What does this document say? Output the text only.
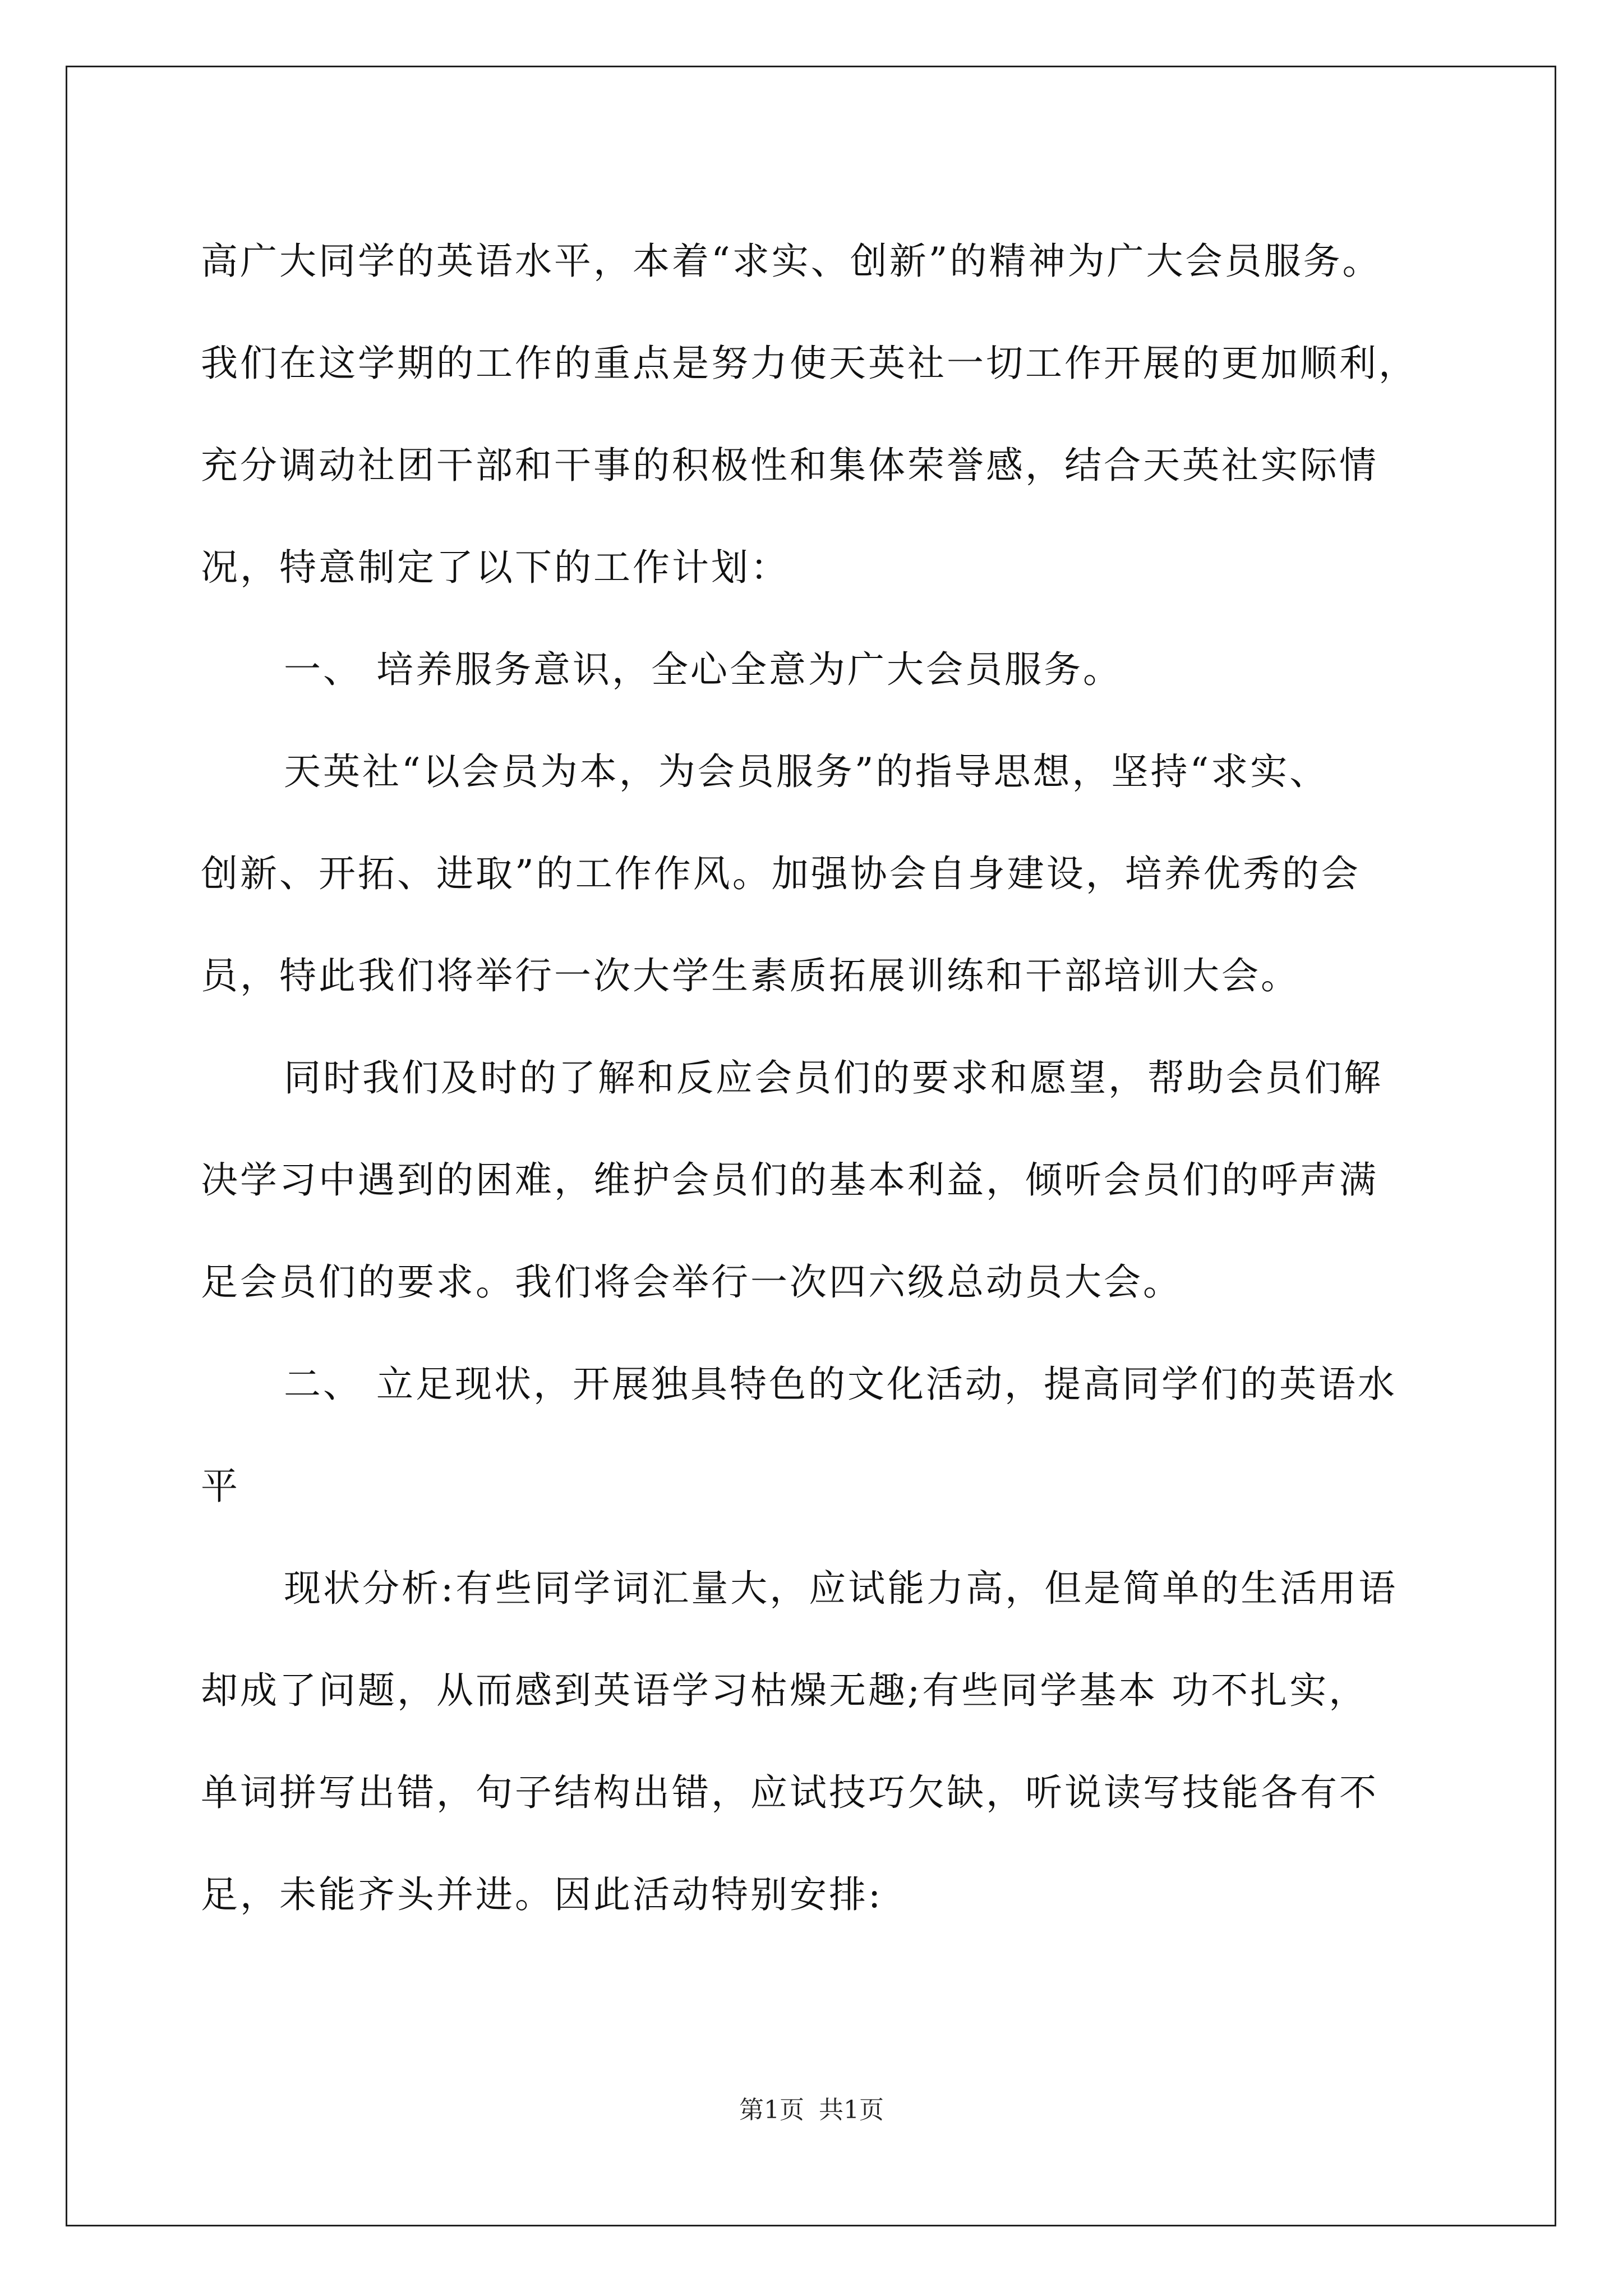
高广大同学的英语水平，本着“求实、创新”的精神为广大会员服务。
我们在这学期的工作的重点是努力使天英社一切工作开展的更加顺利，
充分调动社团干部和干事的积极性和集体荣誉感，结合天英社实际情
况，特意制定了以下的工作计划：
一、 培养服务意识，全心全意为广大会员服务。
天英社“以会员为本，为会员服务”的指导思想，坚持“求实、
创新、开拓、进取”的工作作风。加强协会自身建设，培养优秀的会
员，特此我们将举行一次大学生素质拓展训练和干部培训大会。
同时我们及时的了解和反应会员们的要求和愿望，帮助会员们解
决学习中遇到的困难，维护会员们的基本利益，倾听会员们的呼声满
足会员们的要求。我们将会举行一次四六级总动员大会。
二、 立足现状，开展独具特色的文化活动，提高同学们的英语水
平
现状分析:有些同学词汇量大，应试能力高，但是简单的生活用语
却成了问题，从而感到英语学习枯燥无趣;有些同学基本 功不扎实，
单词拼写出错，句子结构出错，应试技巧欠缺，听说读写技能各有不
足，未能齐头并进。因此活动特别安排:
第1页 共1页
